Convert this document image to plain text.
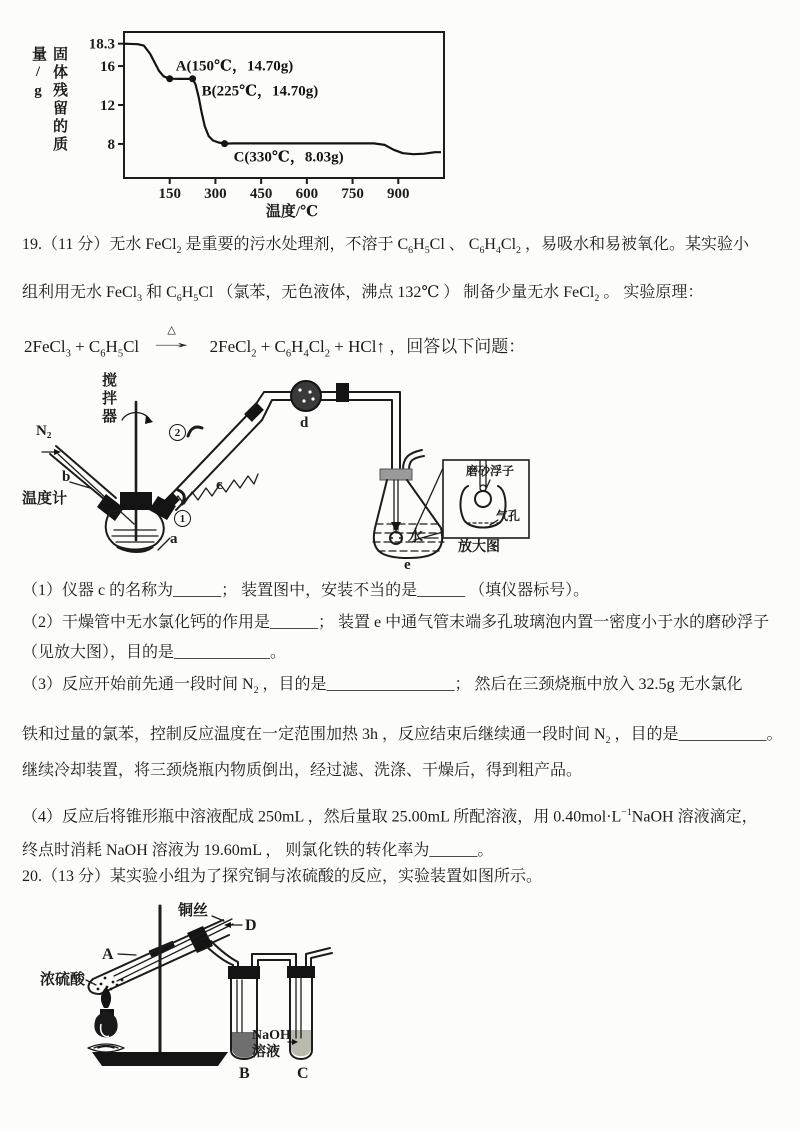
固体残留的质量/g
150 300 450 600 750 900
18.3
16
12
8
A(150℃，14.70g)
B(225℃，14.70g)
C(330℃，8.03g)
温度/℃
19.（11 分）无水 FeCl$_2$ 是重要的污水处理剂，不溶于 $C_6H_5Cl$ 、 $C_6H_4Cl_2$ ，易吸水和易被氧化。某实验小
组利用无水 FeCl$_3$ 和 $C_6H_5Cl$ （氯苯，无色液体，沸点 132℃ ） 制备少量无水 FeCl$_2$ 。 实验原理：
2FeCl$_3$ + $C_6H_5Cl$
△
→ 2FeCl$_2$ + $C_6H_4Cl_2$ + HCl↑ ，回答以下问题：
N₂
b
温度计
搅拌器
a
c
d
e
1
2
水
磨砂浮子
气孔
放大图
（1）仪器 c 的名称为______； 装置图中，安装不当的是______ （填仪器标号）。
（2）干燥管中无水氯化钙的作用是______； 装置 e 中通气管末端多孔玻璃泡内置一密度小于水的磨砂浮子
（见放大图），目的是____________。
（3）反应开始前先通一段时间 $N_2$ ，目的是________________； 然后在三颈烧瓶中放入 32.5g 无水氯化
铁和过量的氯苯，控制反应温度在一定范围加热 3h ，反应结束后继续通一段时间 $N_2$ ，目的是___________。
继续冷却装置，将三颈烧瓶内物质倒出，经过滤、洗涤、干燥后，得到粗产品。
（4）反应后将锥形瓶中溶液配成 250mL ，然后量取 25.00mL 所配溶液，用 $0.40mol\cdot L^{-1}NaOH$ 溶液滴定，
终点时消耗 NaOH 溶液为 19.60mL ， 则氯化铁的转化率为______。
20.（13 分）某实验小组为了探究铜与浓硫酸的反应，实验装置如图所示。
铜丝
D
A
浓硫酸
B	C
NaOH
溶液
